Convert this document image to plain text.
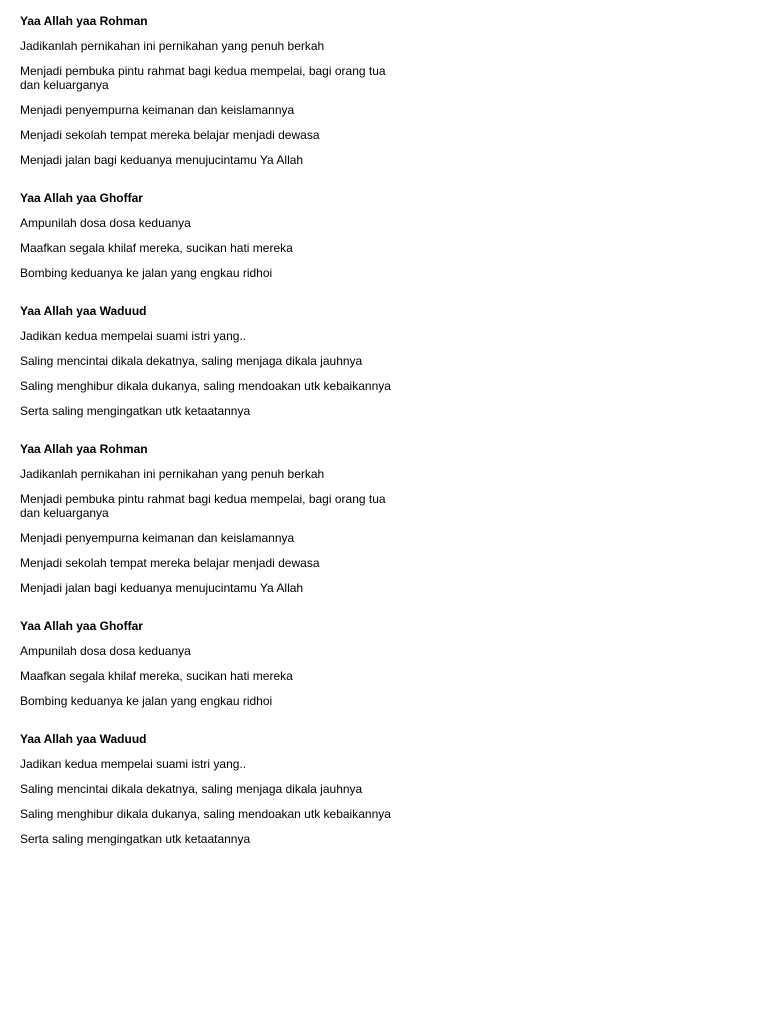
Yaa Allah yaa Rohman

Jadikanlah pernikahan ini pernikahan yang penuh berkah

Menjadi pembuka pintu rahmat bagi kedua mempelai, bagi orang tua dan keluarganya

Menjadi penyempurna keimanan dan keislamannya

Menjadi sekolah tempat mereka belajar menjadi dewasa

Menjadi jalan bagi keduanya menujucintamu Ya Allah

Yaa Allah yaa Ghoffar

Ampunilah dosa dosa keduanya

Maafkan segala khilaf mereka, sucikan hati mereka

Bombing keduanya ke jalan yang engkau ridhoi

Yaa Allah yaa Waduud

Jadikan kedua mempelai suami istri yang..

Saling mencintai dikala dekatnya, saling menjaga dikala jauhnya

Saling menghibur dikala dukanya, saling mendoakan utk kebaikannya

Serta saling mengingatkan utk ketaatannya

Yaa Allah yaa Rohman

Jadikanlah pernikahan ini pernikahan yang penuh berkah

Menjadi pembuka pintu rahmat bagi kedua mempelai, bagi orang tua dan keluarganya

Menjadi penyempurna keimanan dan keislamannya

Menjadi sekolah tempat mereka belajar menjadi dewasa

Menjadi jalan bagi keduanya menujucintamu Ya Allah

Yaa Allah yaa Ghoffar

Ampunilah dosa dosa keduanya

Maafkan segala khilaf mereka, sucikan hati mereka

Bombing keduanya ke jalan yang engkau ridhoi

Yaa Allah yaa Waduud

Jadikan kedua mempelai suami istri yang..

Saling mencintai dikala dekatnya, saling menjaga dikala jauhnya

Saling menghibur dikala dukanya, saling mendoakan utk kebaikannya

Serta saling mengingatkan utk ketaatannya
